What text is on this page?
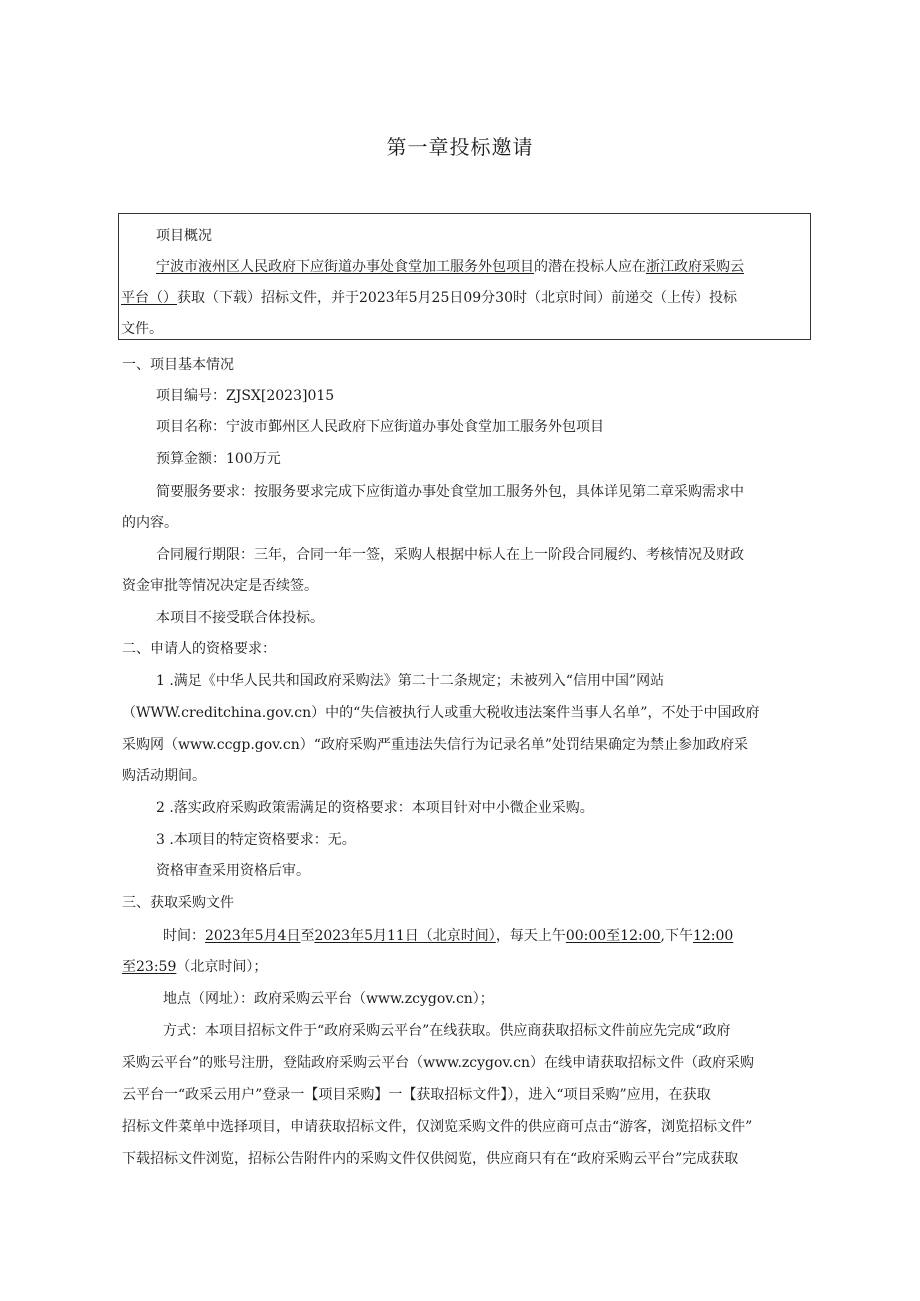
第一章投标邀请
项目概况
宁波市液州区人民政府下应街道办事处食堂加工服务外包项目的潜在投标人应在浙江政府采购云
平台（）获取（下载）招标文件，并于2023年5月25日09分30时（北京时间）前递交（上传）投标
文件。
一、项目基本情况
项目编号：ZJSX[2023]015
项目名称：宁波市鄞州区人民政府下应街道办事处食堂加工服务外包项目
预算金额：100万元
简要服务要求：按服务要求完成下应街道办事处食堂加工服务外包，具体详见第二章采购需求中
的内容。
合同履行期限：三年，合同一年一签，采购人根据中标人在上一阶段合同履约、考核情况及财政
资金审批等情况决定是否续签。
本项目不接受联合体投标。
二、申请人的资格要求：
1 .满足《中华人民共和国政府采购法》第二十二条规定；未被列入“信用中国”网站
（WWW.creditchina.gov.cn）中的“失信被执行人或重大税收违法案件当事人名单”，不处于中国政府
采购网（www.ccgp.gov.cn）“政府采购严重违法失信行为记录名单”处罚结果确定为禁止参加政府采
购活动期间。
2 .落实政府采购政策需满足的资格要求：本项目针对中小微企业采购。
3 .本项目的特定资格要求：无。
资格审查采用资格后审。
三、获取采购文件
时间：2023年5月4日至2023年5月11日（北京时间），每天上午00:00至12:00,下午12:00
至23:59（北京时间）；
地点（网址）：政府采购云平台（www.zcygov.cn）；
方式：本项目招标文件于“政府采购云平台”在线获取。供应商获取招标文件前应先完成“政府
采购云平台”的账号注册，登陆政府采购云平台（www.zcygov.cn）在线申请获取招标文件（政府采购
云平台一“政采云用户”登录一【项目采购】一【获取招标文件】），进入“项目采购”应用，在获取
招标文件菜单中选择项目，申请获取招标文件，仅浏览采购文件的供应商可点击“游客，浏览招标文件”
下载招标文件浏览，招标公告附件内的采购文件仅供阅览，供应商只有在“政府采购云平台”完成获取
